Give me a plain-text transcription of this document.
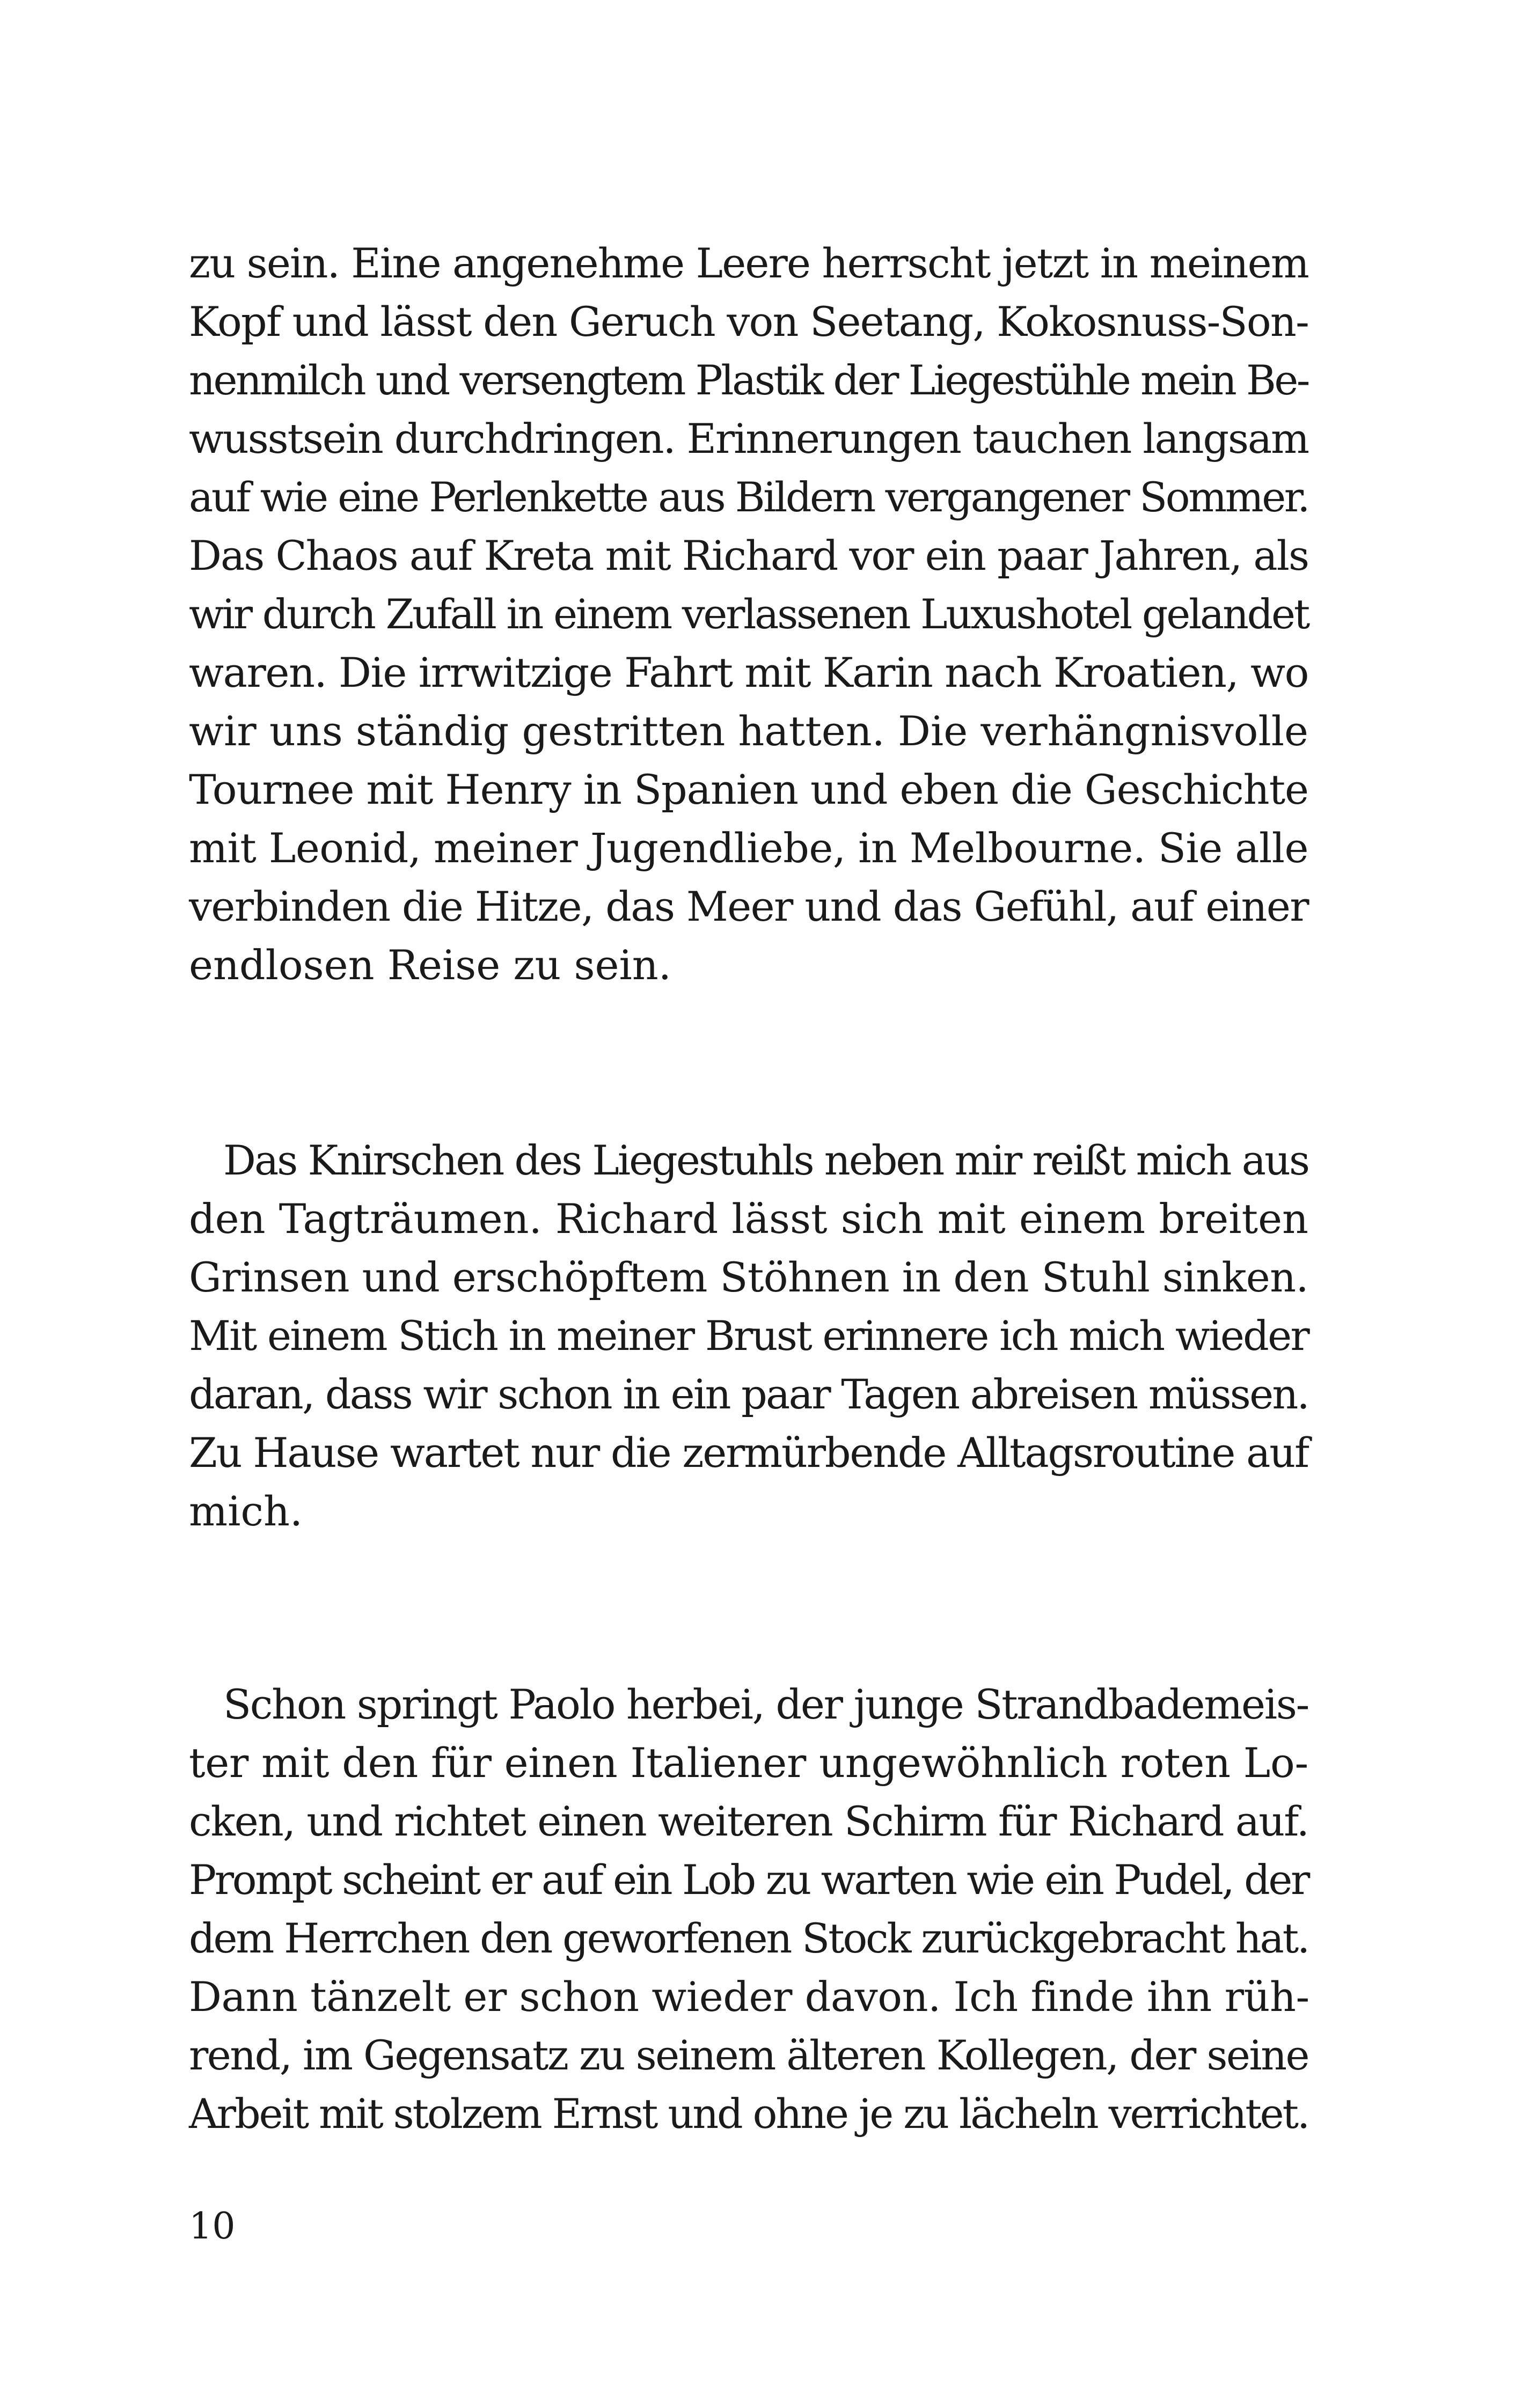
zu sein. Eine angenehme Leere herrscht jetzt in meinem
Kopf und lässt den Geruch von Seetang, Kokosnuss-Son-
nenmilch und versengtem Plastik der Liegestühle mein Be-
wusstsein durchdringen. Erinnerungen tauchen langsam
auf wie eine Perlenkette aus Bildern vergangener Sommer.
Das Chaos auf Kreta mit Richard vor ein paar Jahren, als
wir durch Zufall in einem verlassenen Luxushotel gelandet
waren. Die irrwitzige Fahrt mit Karin nach Kroatien, wo
wir uns ständig gestritten hatten. Die verhängnisvolle
Tournee mit Henry in Spanien und eben die Geschichte
mit Leonid, meiner Jugendliebe, in Melbourne. Sie alle
verbinden die Hitze, das Meer und das Gefühl, auf einer
endlosen Reise zu sein.
Das Knirschen des Liegestuhls neben mir reißt mich aus
den Tagträumen. Richard lässt sich mit einem breiten
Grinsen und erschöpftem Stöhnen in den Stuhl sinken.
Mit einem Stich in meiner Brust erinnere ich mich wieder
daran, dass wir schon in ein paar Tagen abreisen müssen.
Zu Hause wartet nur die zermürbende Alltagsroutine auf
mich.
Schon springt Paolo herbei, der junge Strandbademeis-
ter mit den für einen Italiener ungewöhnlich roten Lo-
cken, und richtet einen weiteren Schirm für Richard auf.
Prompt scheint er auf ein Lob zu warten wie ein Pudel, der
dem Herrchen den geworfenen Stock zurückgebracht hat.
Dann tänzelt er schon wieder davon. Ich finde ihn rüh-
rend, im Gegensatz zu seinem älteren Kollegen, der seine
Arbeit mit stolzem Ernst und ohne je zu lächeln verrichtet.
10
